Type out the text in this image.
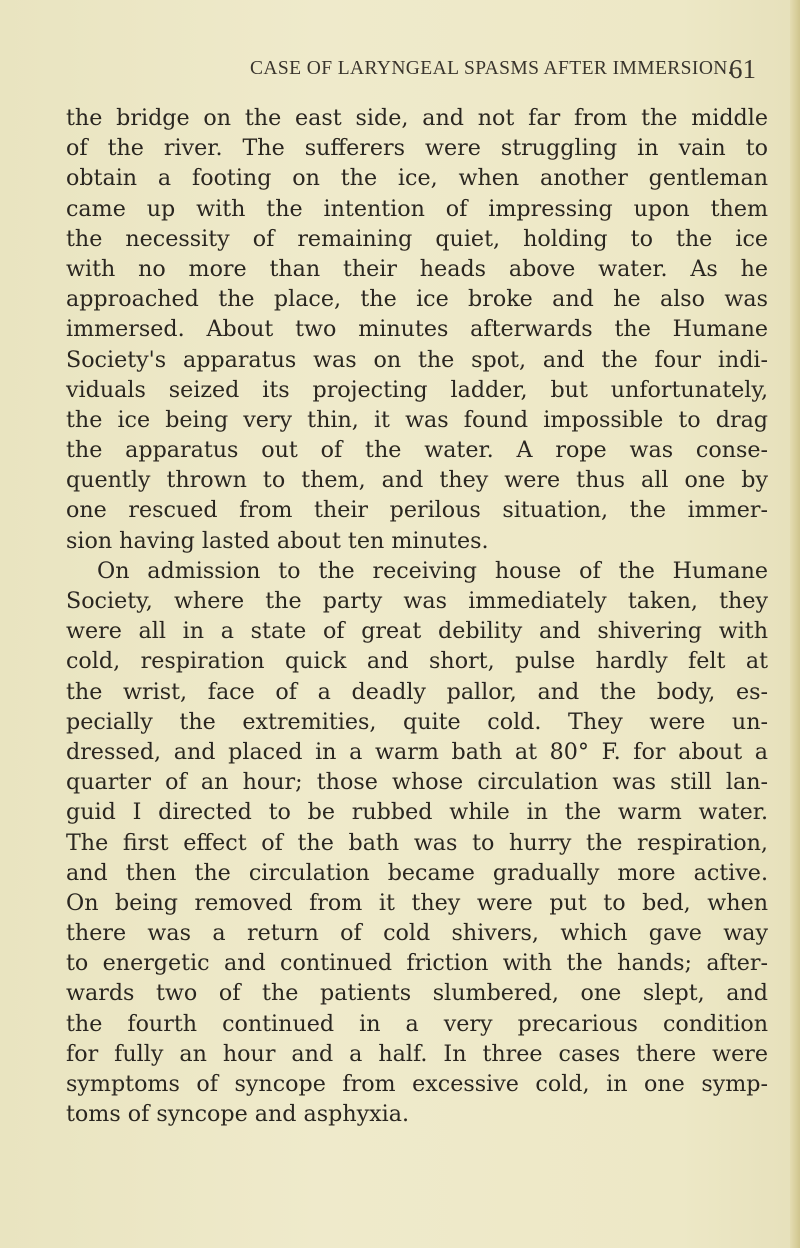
CASE OF LARYNGEAL SPASMS AFTER IMMERSION.
61
the bridge on the east side, and not far from the middle
of the river. The sufferers were struggling in vain to
obtain a footing on the ice, when another gentleman
came up with the intention of impressing upon them
the necessity of remaining quiet, holding to the ice
with no more than their heads above water. As he
approached the place, the ice broke and he also was
immersed. About two minutes afterwards the Humane
Society's apparatus was on the spot, and the four indi-
viduals seized its projecting ladder, but unfortunately,
the ice being very thin, it was found impossible to drag
the apparatus out of the water. A rope was conse-
quently thrown to them, and they were thus all one by
one rescued from their perilous situation, the immer-
sion having lasted about ten minutes.
On admission to the receiving house of the Humane
Society, where the party was immediately taken, they
were all in a state of great debility and shivering with
cold, respiration quick and short, pulse hardly felt at
the wrist, face of a deadly pallor, and the body, es-
pecially the extremities, quite cold. They were un-
dressed, and placed in a warm bath at 80° F. for about a
quarter of an hour; those whose circulation was still lan-
guid I directed to be rubbed while in the warm water.
The first effect of the bath was to hurry the respiration,
and then the circulation became gradually more active.
On being removed from it they were put to bed, when
there was a return of cold shivers, which gave way
to energetic and continued friction with the hands; after-
wards two of the patients slumbered, one slept, and
the fourth continued in a very precarious condition
for fully an hour and a half. In three cases there were
symptoms of syncope from excessive cold, in one symp-
toms of syncope and asphyxia.
